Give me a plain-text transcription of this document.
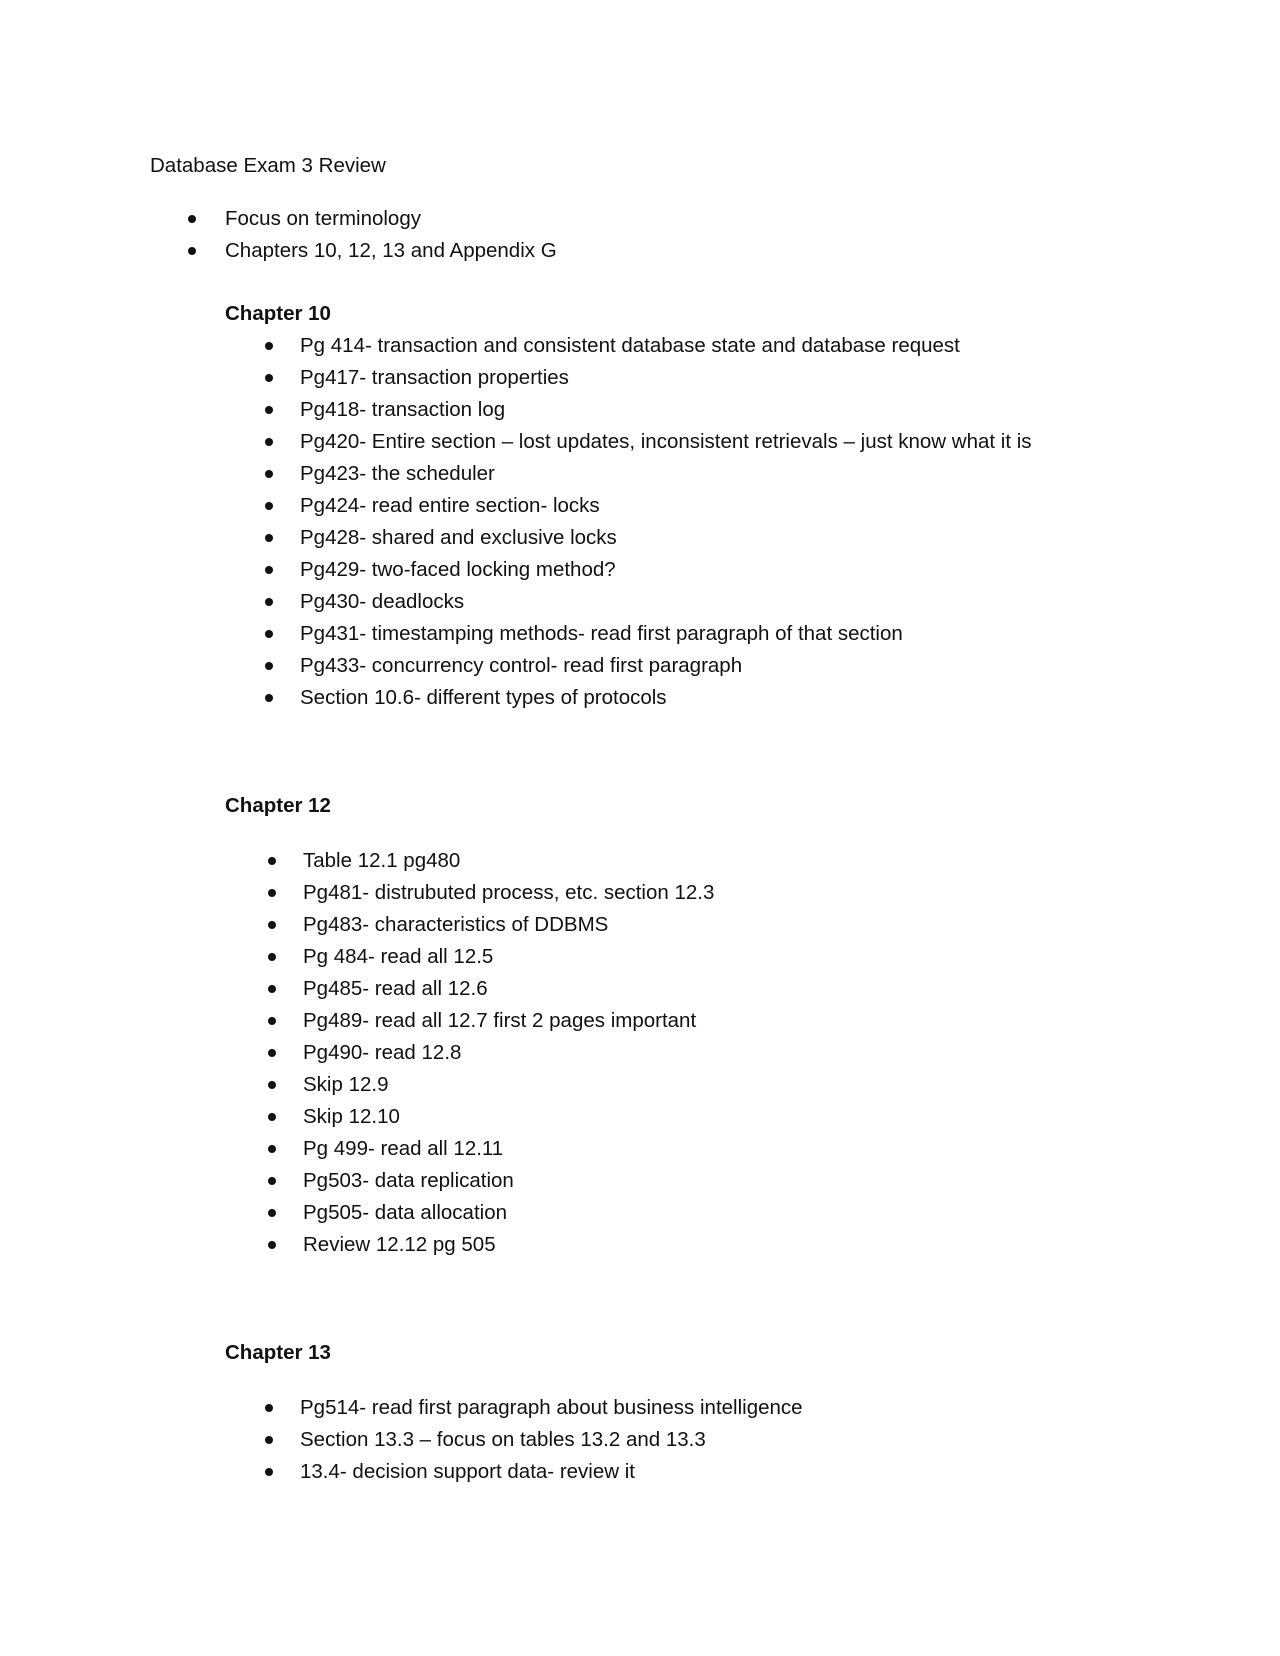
Database Exam 3 Review
Focus on terminology
Chapters 10, 12, 13 and Appendix G
Chapter 10
Pg 414- transaction and consistent database state and database request
Pg417- transaction properties
Pg418- transaction log
Pg420- Entire section – lost updates, inconsistent retrievals – just know what it is
Pg423- the scheduler
Pg424- read entire section- locks
Pg428- shared and exclusive locks
Pg429- two-faced locking method?
Pg430- deadlocks
Pg431- timestamping methods- read first paragraph of that section
Pg433- concurrency control- read first paragraph
Section 10.6- different types of protocols
Chapter 12
Table 12.1 pg480
Pg481- distrubuted process, etc. section 12.3
Pg483- characteristics of DDBMS
Pg 484- read all 12.5
Pg485- read all 12.6
Pg489- read all 12.7 first 2 pages important
Pg490- read 12.8
Skip 12.9
Skip 12.10
Pg 499- read all 12.11
Pg503- data replication
Pg505- data allocation
Review 12.12 pg 505
Chapter 13
Pg514- read first paragraph about business intelligence
Section 13.3 – focus on tables 13.2 and 13.3
13.4- decision support data- review it
